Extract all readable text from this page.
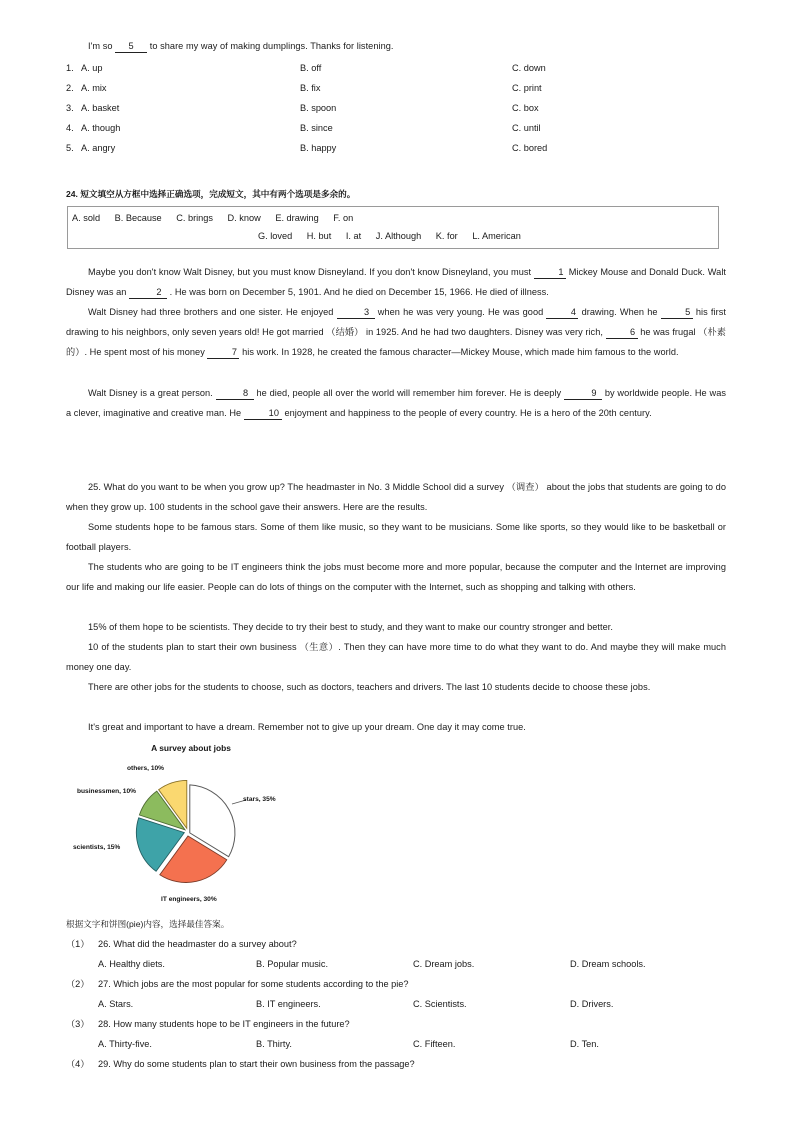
I'm so 5 to share my way of making dumplings. Thanks for listening.
1. A. up	B. off	C. down
2. A. mix	B. fix	C. print
3. A. basket	B. spoon	C. box
4. A. though	B. since	C. until
5. A. angry	B. happy	C. bored
24. 短文填空从方框中选择正确选项，完成短文，其中有两个选项是多余的。
A. sold B. Because C. brings D. know E. drawing F. on
G. loved H. but I. at J. Although K. for L. American
Maybe you don't know Walt Disney, but you must know Disneyland. If you don't know Disneyland, you must	1 Mickey Mouse and Donald Duck. Walt Disney was an	2 . He was born on December 5, 1901. And he died on December 15, 1966. He died of illness.
Walt Disney had three brothers and one sister. He enjoyed	3 when he was very young. He was good	4 drawing. When he	5 his first drawing to his neighbors, only seven years old! He got married （结婚） in 1925. And he had two daughters. Disney was very rich,	6 he was frugal （朴素的）. He spent most of his money	7 his work. In 1928, he created the famous character—Mickey Mouse, which made him famous to the world.
Walt Disney is a great person.	8 he died, people all over the world will remember him forever. He is deeply	9 by worldwide people. He was a clever, imaginative and creative man. He	10 enjoyment and happiness to the people of every country. He is a hero of the 20th century.
25. What do you want to be when you grow up? The headmaster in No. 3 Middle School did a survey （调查） about the jobs that students are going to do when they grow up. 100 students in the school gave their answers. Here are the results.
Some students hope to be famous stars. Some of them like music, so they want to be musicians. Some like sports, so they would like to be basketball or football players.
The students who are going to be IT engineers think the jobs must become more and more popular, because the computer and the Internet are improving our life and making our life easier. People can do lots of things on the computer with the Internet, such as shopping and talking with others.
15% of them hope to be scientists. They decide to try their best to study, and they want to make our country stronger and better.
10 of the students plan to start their own business （生意）. Then they can have more time to do what they want to do. And maybe they will make much money one day.
There are other jobs for the students to choose, such as doctors, teachers and drivers. The last 10 students decide to choose these jobs.
It's great and important to have a dream. Remember not to give up your dream. One day it may come true.
A survey about jobs
others, 10%
businessmen, 10%
scientists, 15%
IT engineers, 30%
stars, 35%
根据文字和饼图(pie)内容，选择最佳答案。
（1） 26. What did the headmaster do a survey about?
A. Healthy diets.	B. Popular music.	C. Dream jobs.	D. Dream schools.
（2） 27. Which jobs are the most popular for some students according to the pie?
A. Stars.	B. IT engineers.	C. Scientists.	D. Drivers.
（3） 28. How many students hope to be IT engineers in the future?
A. Thirty-five.	B. Thirty.	C. Fifteen.	D. Ten.
（4） 29. Why do some students plan to start their own business from the passage?
